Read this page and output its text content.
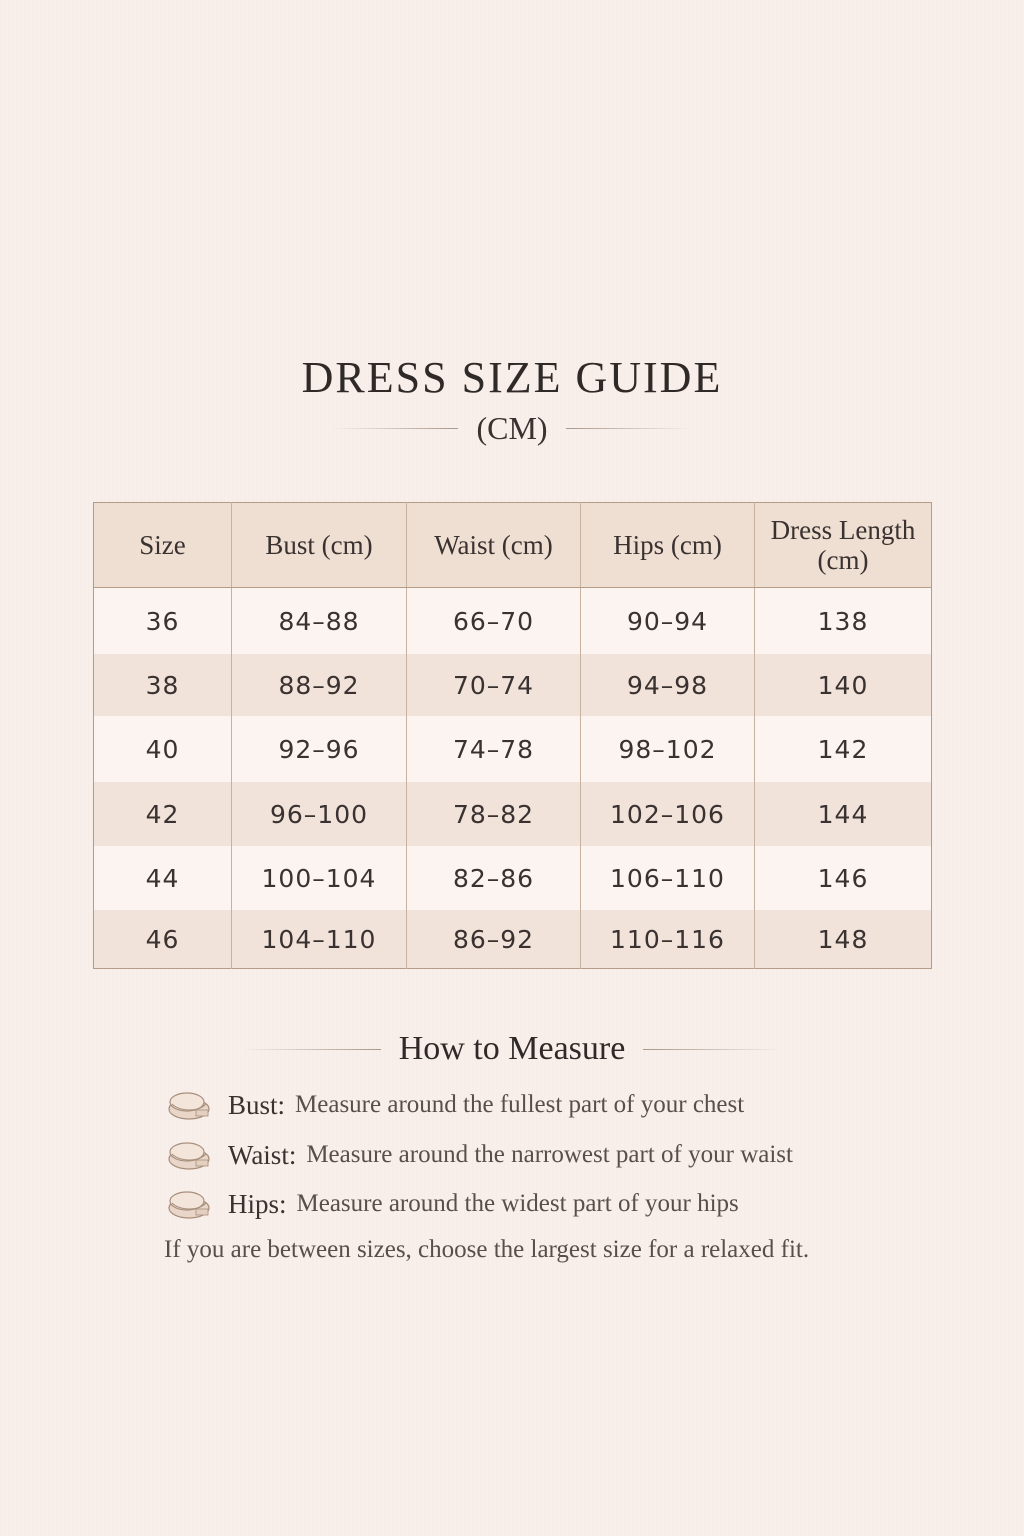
DRESS SIZE GUIDE
(CM)
Size	Bust (cm)	Waist (cm)	Hips (cm)	Dress Length (cm)
36	84–88	66–70	90–94	138
38	88–92	70–74	94–98	140
40	92–96	74–78	98–102	142
42	96–100	78–82	102–106	144
44	100–104	82–86	106–110	146
46	104–110	86–92	110–116	148
How to Measure
Bust: Measure around the fullest part of your chest
Waist: Measure around the narrowest part of your waist
Hips: Measure around the widest part of your hips
If you are between sizes, choose the largest size for a relaxed fit.
